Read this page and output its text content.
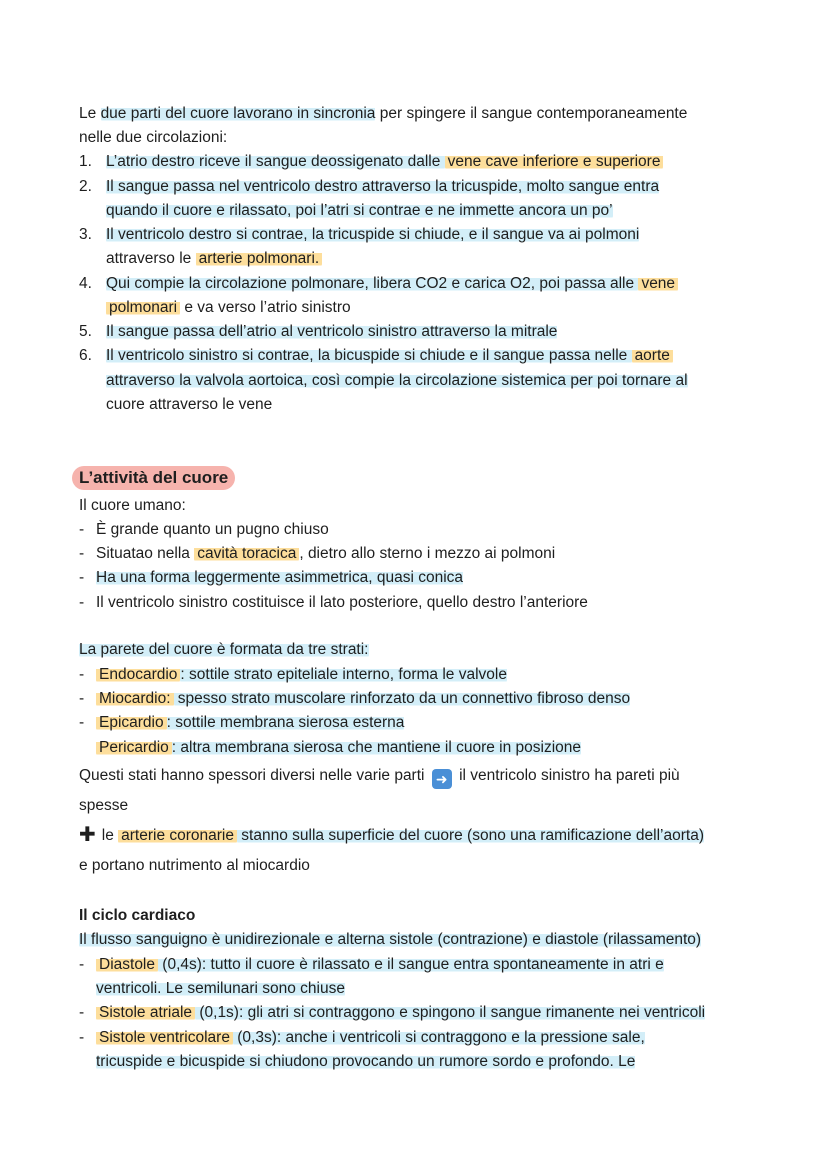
Le due parti del cuore lavorano in sincronia per spingere il sangue contemporaneamente
nelle due circolazioni:
1. L’atrio destro riceve il sangue deossigenato dalle vene cave inferiore e superiore
2. Il sangue passa nel ventricolo destro attraverso la tricuspide, molto sangue entra
quando il cuore e rilassato, poi l’atri si contrae e ne immette ancora un po’
3. Il ventricolo destro si contrae, la tricuspide si chiude, e il sangue va ai polmoni
attraverso le arterie polmonari.
4. Qui compie la circolazione polmonare, libera CO2 e carica O2, poi passa alle vene
polmonari e va verso l’atrio sinistro
5. Il sangue passa dell’atrio al ventricolo sinistro attraverso la mitrale
6. Il ventricolo sinistro si contrae, la bicuspide si chiude e il sangue passa nelle aorte
attraverso la valvola aortoica, così compie la circolazione sistemica per poi tornare al
cuore attraverso le vene
L’attività del cuore
Il cuore umano:
- È grande quanto un pugno chiuso
- Situatao nella cavità toracica , dietro allo sterno i mezzo ai polmoni
- Ha una forma leggermente asimmetrica, quasi conica
- Il ventricolo sinistro costituisce il lato posteriore, quello destro l’anteriore
La parete del cuore è formata da tre strati:
- Endocardio : sottile strato epiteliale interno, forma le valvole
- Miocardio: spesso strato muscolare rinforzato da un connettivo fibroso denso
- Epicardio : sottile membrana sierosa esterna
Pericardio : altra membrana sierosa che mantiene il cuore in posizione
Questi stati hanno spessori diversi nelle varie parti ➜ il ventricolo sinistro ha pareti più
spesse
✚ le arterie coronarie stanno sulla superficie del cuore (sono una ramificazione dell’aorta)
e portano nutrimento al miocardio
Il ciclo cardiaco
Il flusso sanguigno è unidirezionale e alterna sistole (contrazione) e diastole (rilassamento)
- Diastole (0,4s): tutto il cuore è rilassato e il sangue entra spontaneamente in atri e
ventricoli. Le semilunari sono chiuse
- Sistole atriale (0,1s): gli atri si contraggono e spingono il sangue rimanente nei ventricoli
- Sistole ventricolare (0,3s): anche i ventricoli si contraggono e la pressione sale,
tricuspide e bicuspide si chiudono provocando un rumore sordo e profondo. Le
